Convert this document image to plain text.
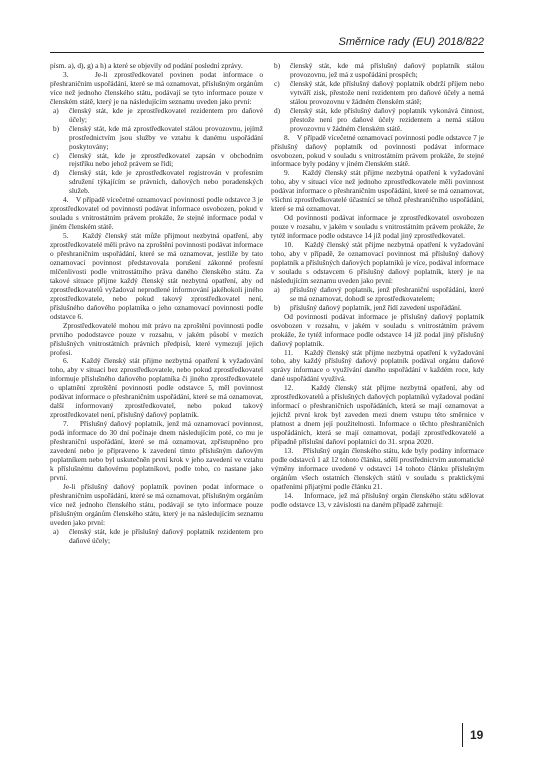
Směrnice rady (EU) 2018/822

písm. a), d), g) a h) a které se objevily od podání poslední zprávy.

3.    Je-li zprostředkovatel povinen podat informace o přeshraničním uspořádání, které se má oznamovat, příslušným orgánům více než jednoho členského státu, podávají se tyto informace pouze v členském státě, který je na následujícím seznamu uveden jako první:

a) členský stát, kde je zprostředkovatel rezidentem pro daňové účely;
b) členský stát, kde má zprostředkovatel stálou provozovnu, jejímž prostřednictvím jsou služby ve vztahu k danému uspořádání poskytovány;
c) členský stát, kde je zprostředkovatel zapsán v obchodním rejstříku nebo jehož právem se řídí;
d) členský stát, kde je zprostředkovatel registrován v profesním sdružení týkajícím se právních, daňových nebo poradenských služeb.

4.    V případě vícečetné oznamovací povinnosti podle odstavce 3 je zprostředkovatel od povinnosti podávat informace osvobozen, pokud v souladu s vnitrostátním právem prokáže, že stejné informace podal v jiném členském státě.

5.    Každý členský stát může přijmout nezbytná opatření, aby zprostředkovatelé měli právo na zproštění povinnosti podávat informace o přeshraničním uspořádání, které se má oznamovat, jestliže by tato oznamovací povinnost představovala porušení zákonné profesní mlčenlivosti podle vnitrostátního práva daného členského státu. Za takové situace přijme každý členský stát nezbytná opatření, aby od zprostředkovatelů vyžadoval neprodlené informování jakéhokoli jiného zprostředkovatele, nebo pokud takový zprostředkovatel není, příslušného daňového poplatníka o jeho oznamovací povinnosti podle odstavce 6.

Zprostředkovatelé mohou mít právo na zproštění povinnosti podle prvního pododstavce pouze v rozsahu, v jakém působí v mezích příslušných vnitrostátních právních předpisů, které vymezují jejich profesi.

6.    Každý členský stát přijme nezbytná opatření k vyžadování toho, aby v situaci bez zprostředkovatele, nebo pokud zprostředkovatel informuje příslušného daňového poplatníka či jiného zprostředkovatele o uplatnění zproštění povinnosti podle odstavce 5, měl povinnost podávat informace o přeshraničním uspořádání, které se má oznamovat, další informovaný zprostředkovatel, nebo pokud takový zprostředkovatel není, příslušný daňový poplatník.

7.    Příslušný daňový poplatník, jenž má oznamovací povinnost, podá informace do 30 dní počínaje dnem následujícím poté, co mu je přeshraniční uspořádání, které se má oznamovat, zpřístupněno pro zavedení nebo je připraveno k zavedení tímto příslušným daňovým poplatníkem nebo byl uskutečněn první krok v jeho zavedení ve vztahu k příslušnému daňovému poplatníkovi, podle toho, co nastane jako první.

Je-li příslušný daňový poplatník povinen podat informace o přeshraničním uspořádání, které se má oznamovat, příslušným orgánům více než jednoho členského státu, podávají se tyto informace pouze příslušným orgánům členského státu, který je na následujícím seznamu uveden jako první:

a) členský stát, kde je příslušný daňový poplatník rezidentem pro daňové účely;
b) členský stát, kde má příslušný daňový poplatník stálou provozovnu, jež má z uspořádání prospěch;
c) členský stát, kde příslušný daňový poplatník obdrží příjem nebo vytváří zisk, přestože není rezidentem pro daňové účely a nemá stálou provozovnu v žádném členském státě;
d) členský stát, kde příslušný daňový poplatník vykonává činnost, přestože není pro daňové účely rezidentem a nemá stálou provozovnu v žádném členském státě.

8.    V případě vícečetné oznamovací povinnosti podle odstavce 7 je příslušný daňový poplatník od povinnosti podávat informace osvobozen, pokud v souladu s vnitrostátním právem prokáže, že stejné informace byly podány v jiném členském státě.

9.    Každý členský stát přijme nezbytná opatření k vyžadování toho, aby v situaci více než jednoho zprostředkovatele měli povinnost podávat informace o přeshraničním uspořádání, které se má oznamovat, všichni zprostředkovatelé účastnící se téhož přeshraničního uspořádání, které se má oznamovat.

Od povinnosti podávat informace je zprostředkovatel osvobozen pouze v rozsahu, v jakém v souladu s vnitrostátním právem prokáže, že tytéž informace podle odstavce 14 již podal jiný zprostředkovatel.

10.    Každý členský stát přijme nezbytná opatření k vyžadování toho, aby v případě, že oznamovací povinnost má příslušný daňový poplatník a příslušných daňových poplatníků je více, podával informace v souladu s odstavcem 6 příslušný daňový poplatník, který je na následujícím seznamu uveden jako první:

a) příslušný daňový poplatník, jenž přeshraniční uspořádání, které se má oznamovat, dohodl se zprostředkovatelem;
b) příslušný daňový poplatník, jenž řídí zavedení uspořádání.

Od povinnosti podávat informace je příslušný daňový poplatník osvobozen v rozsahu, v jakém v souladu s vnitrostátním právem prokáže, že tytéž informace podle odstavce 14 již podal jiný příslušný daňový poplatník.

11.    Každý členský stát přijme nezbytná opatření k vyžadování toho, aby každý příslušný daňový poplatník podával orgánu daňové správy informace o využívání daného uspořádání v každém roce, kdy dané uspořádání využívá.

12.    Každý členský stát přijme nezbytná opatření, aby od zprostředkovatelů a příslušných daňových poplatníků vyžadoval podání informací o přeshraničních uspořádáních, která se mají oznamovat a jejichž první krok byl zaveden mezi dnem vstupu této směrnice v platnost a dnem její použitelnosti. Informace o těchto přeshraničních uspořádáních, která se mají oznamovat, podají zprostředkovatelé a případně příslušní daňoví poplatníci do 31. srpna 2020.

13.    Příslušný orgán členského státu, kde byly podány informace podle odstavců 1 až 12 tohoto článku, sdělí prostřednictvím automatické výměny informace uvedené v odstavci 14 tohoto článku příslušným orgánům všech ostatních členských států v souladu s praktickými opatřeními přijatými podle článku 21.

14.    Informace, jež má příslušný orgán členského státu sdělovat podle odstavce 13, v závislosti na daném případě zahrnují:

19
